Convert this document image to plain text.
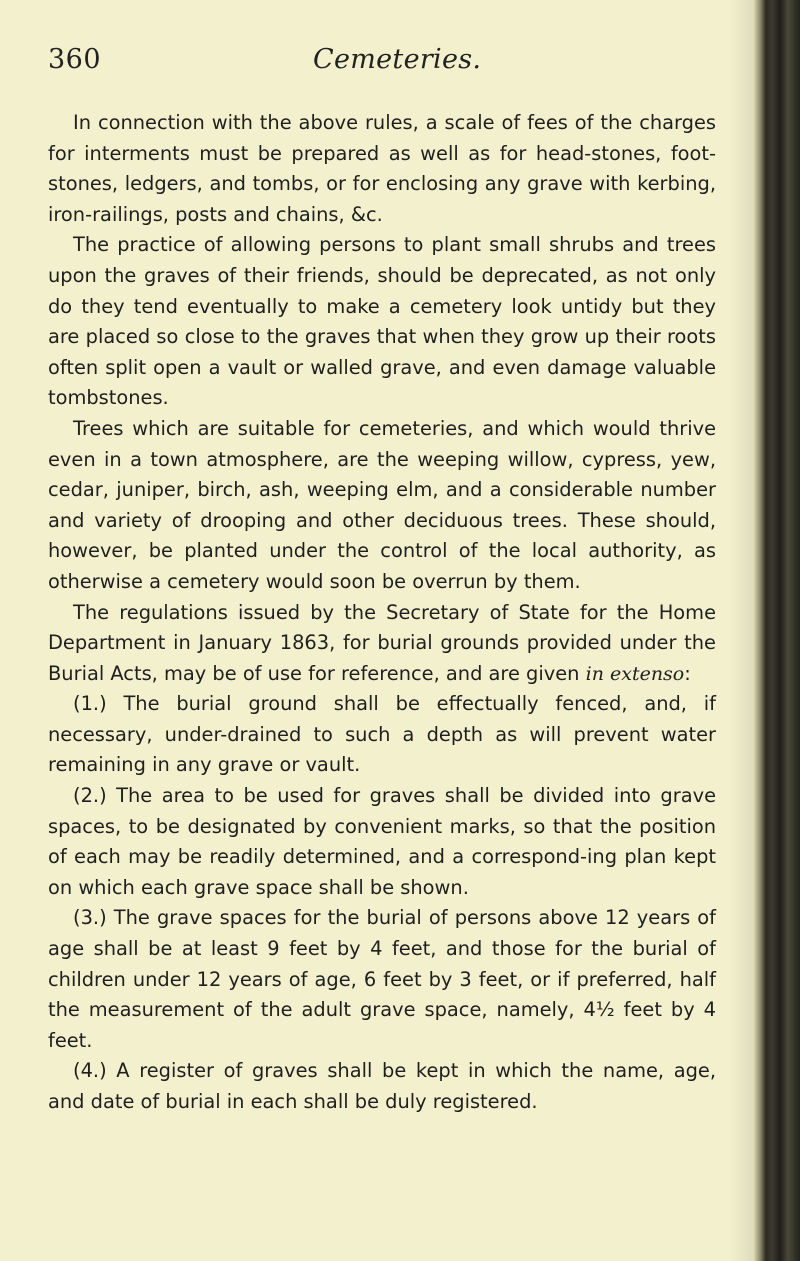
360	Cemeteries.

In connection with the above rules, a scale of fees of the charges for interments must be prepared as well as for head-stones, foot-stones, ledgers, and tombs, or for enclosing any grave with kerbing, iron-railings, posts and chains, &c.

The practice of allowing persons to plant small shrubs and trees upon the graves of their friends, should be deprecated, as not only do they tend eventually to make a cemetery look untidy but they are placed so close to the graves that when they grow up their roots often split open a vault or walled grave, and even damage valuable tombstones.

Trees which are suitable for cemeteries, and which would thrive even in a town atmosphere, are the weeping willow, cypress, yew, cedar, juniper, birch, ash, weeping elm, and a considerable number and variety of drooping and other deciduous trees. These should, however, be planted under the control of the local authority, as otherwise a cemetery would soon be overrun by them.

The regulations issued by the Secretary of State for the Home Department in January 1863, for burial grounds provided under the Burial Acts, may be of use for reference, and are given in extenso:

(1.) The burial ground shall be effectually fenced, and, if necessary, under-drained to such a depth as will prevent water remaining in any grave or vault.

(2.) The area to be used for graves shall be divided into grave spaces, to be designated by convenient marks, so that the position of each may be readily determined, and a correspond-ing plan kept on which each grave space shall be shown.

(3.) The grave spaces for the burial of persons above 12 years of age shall be at least 9 feet by 4 feet, and those for the burial of children under 12 years of age, 6 feet by 3 feet, or if preferred, half the measurement of the adult grave space, namely, 4½ feet by 4 feet.

(4.) A register of graves shall be kept in which the name, age, and date of burial in each shall be duly registered.
